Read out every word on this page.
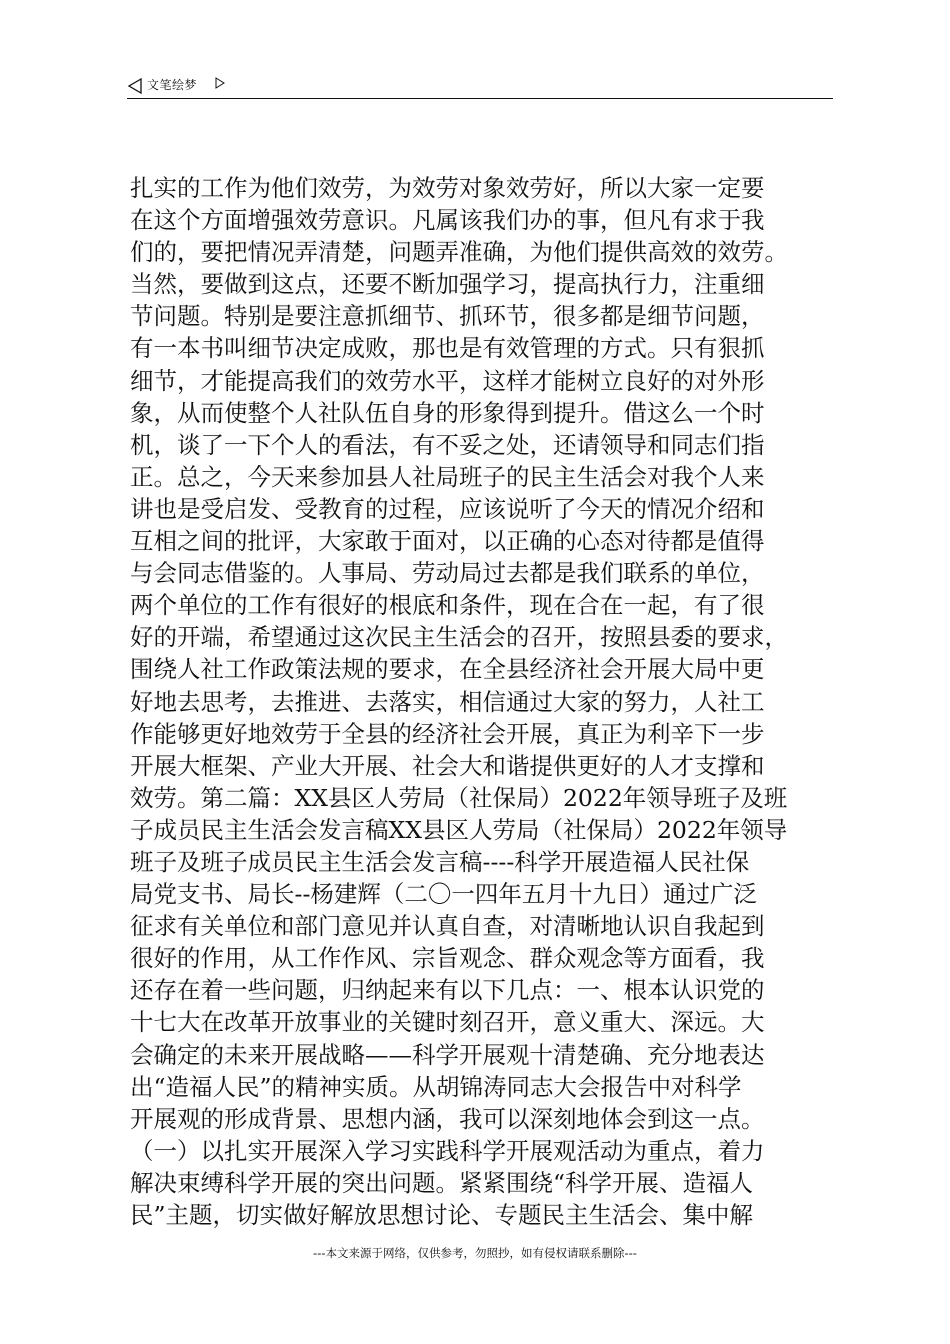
文笔绘梦
扎实的工作为他们效劳，为效劳对象效劳好，所以大家一定要
在这个方面增强效劳意识。凡属该我们办的事，但凡有求于我
们的，要把情况弄清楚，问题弄准确，为他们提供高效的效劳。
当然，要做到这点，还要不断加强学习，提高执行力，注重细
节问题。特别是要注意抓细节、抓环节，很多都是细节问题，
有一本书叫细节决定成败，那也是有效管理的方式。只有狠抓
细节，才能提高我们的效劳水平，这样才能树立良好的对外形
象，从而使整个人社队伍自身的形象得到提升。借这么一个时
机，谈了一下个人的看法，有不妥之处，还请领导和同志们指
正。总之，今天来参加县人社局班子的民主生活会对我个人来
讲也是受启发、受教育的过程，应该说听了今天的情况介绍和
互相之间的批评，大家敢于面对，以正确的心态对待都是值得
与会同志借鉴的。人事局、劳动局过去都是我们联系的单位，
两个单位的工作有很好的根底和条件，现在合在一起，有了很
好的开端，希望通过这次民主生活会的召开，按照县委的要求，
围绕人社工作政策法规的要求，在全县经济社会开展大局中更
好地去思考，去推进、去落实，相信通过大家的努力，人社工
作能够更好地效劳于全县的经济社会开展，真正为利辛下一步
开展大框架、产业大开展、社会大和谐提供更好的人才支撑和
效劳。第二篇：XX县区人劳局（社保局）2022年领导班子及班
子成员民主生活会发言稿XX县区人劳局（社保局）2022年领导
班子及班子成员民主生活会发言稿----科学开展造福人民社保
局党支书、局长--杨建辉（二〇一四年五月十九日）通过广泛
征求有关单位和部门意见并认真自查，对清晰地认识自我起到
很好的作用，从工作作风、宗旨观念、群众观念等方面看，我
还存在着一些问题，归纳起来有以下几点：一、根本认识党的
十七大在改革开放事业的关键时刻召开，意义重大、深远。大
会确定的未来开展战略——科学开展观十清楚确、充分地表达
出“造福人民”的精神实质。从胡锦涛同志大会报告中对科学
开展观的形成背景、思想内涵，我可以深刻地体会到这一点。
（一）以扎实开展深入学习实践科学开展观活动为重点，着力
解决束缚科学开展的突出问题。紧紧围绕“科学开展、造福人
民”主题，切实做好解放思想讨论、专题民主生活会、集中解
---本文来源于网络，仅供参考，勿照抄，如有侵权请联系删除---
